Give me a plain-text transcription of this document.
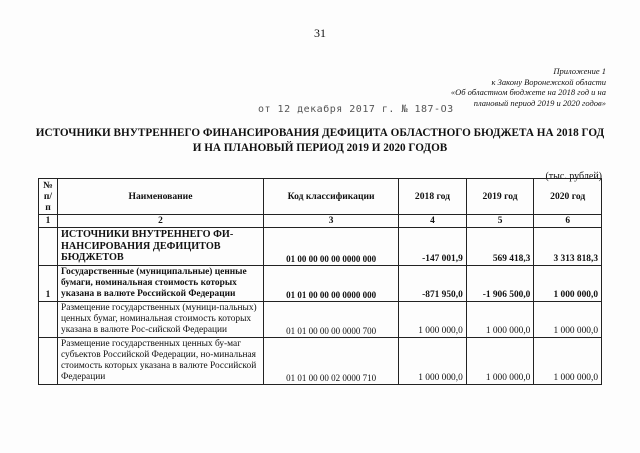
31
Приложение 1
к Закону Воронежской области
«Об областном бюджете на 2018 год и на
плановый период 2019 и 2020 годов»
от 12 декабря 2017 г. № 187-ОЗ
ИСТОЧНИКИ ВНУТРЕННЕГО ФИНАНСИРОВАНИЯ ДЕФИЦИТА ОБЛАСТНОГО БЮДЖЕТА НА 2018 ГОД
И НА ПЛАНОВЫЙ ПЕРИОД 2019 И 2020 ГОДОВ
(тыс. рублей)
№ п/п	Наименование	Код классификации	2018 год	2019 год	2020 год
1	2	3	4	5	6
	ИСТОЧНИКИ ВНУТРЕННЕГО ФИ-НАНСИРОВАНИЯ ДЕФИЦИТОВ БЮДЖЕТОВ	01 00 00 00 00 0000 000	-147 001,9	569 418,3	3 313 818,3
1	Государственные (муниципальные) ценные бумаги, номинальная стоимость которых указана в валюте Российской Федерации	01 01 00 00 00 0000 000	-871 950,0	-1 906 500,0	1 000 000,0
	Размещение государственных (муници-пальных) ценных бумаг, номинальная стоимость которых указана в валюте Рос-сийской Федерации	01 01 00 00 00 0000 700	1 000 000,0	1 000 000,0	1 000 000,0
	Размещение государственных ценных бу-маг субъектов Российской Федерации, но-минальная стоимость которых указана в валюте Российской Федерации	01 01 00 00 02 0000 710	1 000 000,0	1 000 000,0	1 000 000,0
